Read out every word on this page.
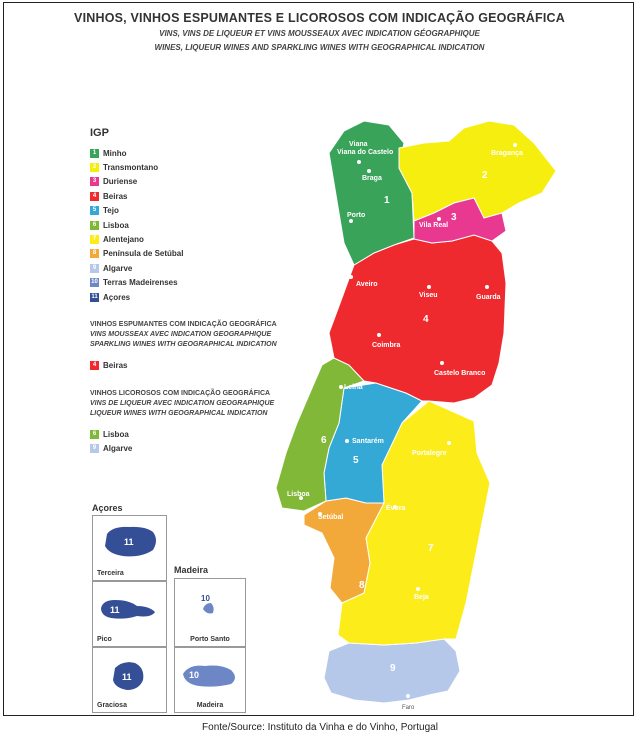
VINHOS, VINHOS ESPUMANTES E LICOROSOS COM INDICAÇÃO GEOGRÁFICA
VINS, VINS DE LIQUEUR ET VINS MOUSSEAUX AVEC INDICATION GÉOGRAPHIQUE
WINES, LIQUEUR WINES AND SPARKLING WINES WITH GEOGRAPHICAL INDICATION
1
2
3
4
5
6
7
8
9
Viana Viana do Castelo
Braga
Porto
Bragança
Vila Real
Aveiro
Viseu	Guarda
Coimbra
Castelo Branco
Leiria
Santarém
Lisboa
Setúbal
Portalegre
Évora
Beja
Faro
IGP
1 Minho
2 Transmontano
3 Duriense
4 Beiras
5 Tejo
6 Lisboa
7 Alentejano
8 Península de Setúbal
9 Algarve
10 Terras Madeirenses
11 Açores
VINHOS ESPUMANTES COM INDICAÇÃO GEOGRÁFICA
VINS MOUSSEAX AVEC INDICATION GEOGRAPHIQUE
SPARKLING WINES WITH GEOGRAPHICAL INDICATION
4 Beiras
VINHOS LICOROSOS COM INDICAÇÃO GEOGRÁFICA
VINS DE LIQUEUR AVEC INDICATION GEOGRAPHIQUE
LIQUEUR WINES WITH GEOGRAPHICAL INDICATION
6 Lisboa
9 Algarve
Açores
11
Terceira
11
Pico
11
Graciosa
Madeira
10
Porto Santo
10
Madeira
Fonte/Source: Instituto da Vinha e do Vinho, Portugal
